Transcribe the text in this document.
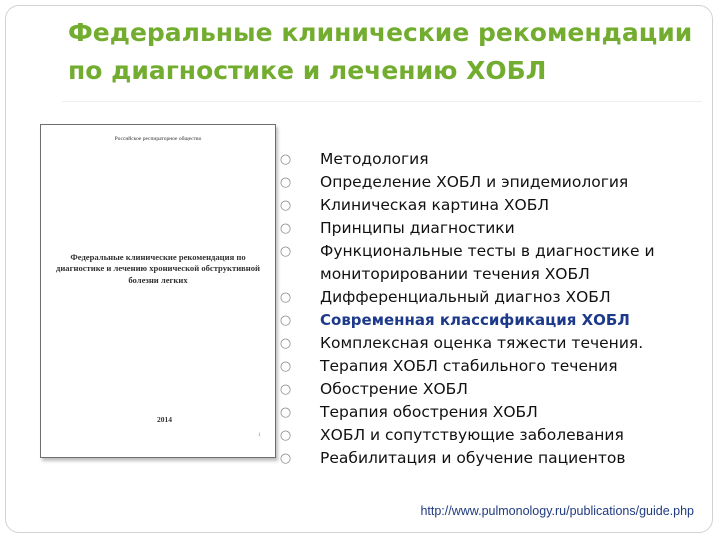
Федеральные клинические рекомендации по диагностике и лечению ХОБЛ
Российское респираторное общество
Федеральные клинические рекомендация по диагностике и лечению хронической обструктивной болезни легких
2014
1
○ Методология
○ Определение ХОБЛ и эпидемиология
○ Клиническая картина ХОБЛ
○ Принципы диагностики
○ Функциональные тесты в диагностике и мониторировании течения ХОБЛ
○ Дифференциальный диагноз ХОБЛ
○ Современная классификация ХОБЛ
○ Комплексная оценка тяжести течения.
○ Терапия ХОБЛ стабильного течения
○ Обострение ХОБЛ
○ Терапия обострения ХОБЛ
○ ХОБЛ и сопутствующие заболевания
○ Реабилитация и обучение пациентов
http://www.pulmonology.ru/publications/guide.php
